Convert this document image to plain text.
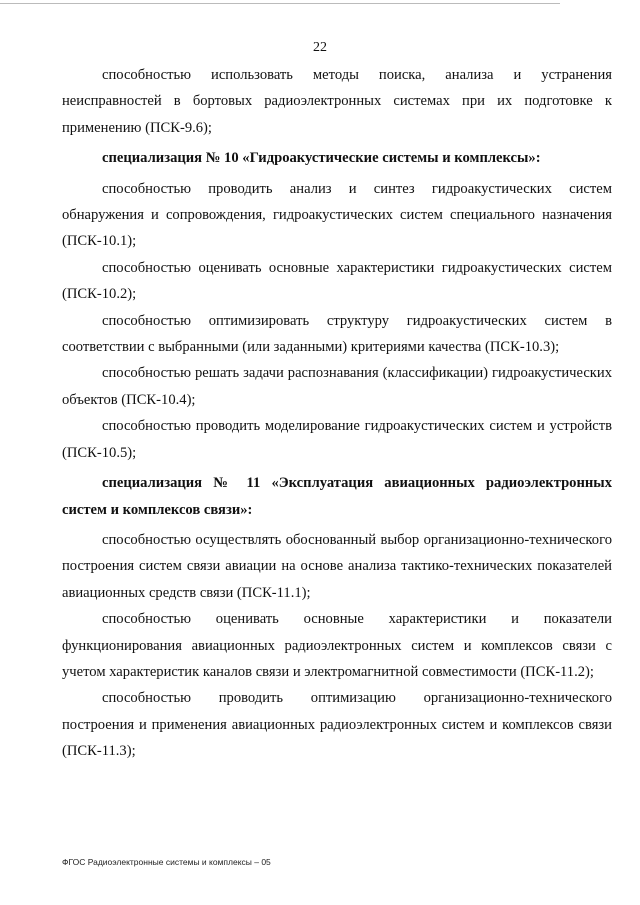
22

способностью использовать методы поиска, анализа и устранения неисправностей в бортовых радиоэлектронных системах при их подготовке к применению (ПСК-9.6);

специализация № 10 «Гидроакустические системы и комплексы»:

способностью проводить анализ и синтез гидроакустических систем обнаружения и сопровождения, гидроакустических систем специального назначения (ПСК-10.1);

способностью оценивать основные характеристики гидроакустических систем (ПСК-10.2);

способностью оптимизировать структуру гидроакустических систем в соответствии с выбранными (или заданными) критериями качества (ПСК-10.3);

способностью решать задачи распознавания (классификации) гидроакустических объектов (ПСК-10.4);

способностью проводить моделирование гидроакустических систем и устройств (ПСК-10.5);

специализация № 11 «Эксплуатация авиационных радиоэлектронных систем и комплексов связи»:

способностью осуществлять обоснованный выбор организационно-технического построения систем связи авиации на основе анализа тактико-технических показателей авиационных средств связи (ПСК-11.1);

способностью оценивать основные характеристики и показатели функционирования авиационных радиоэлектронных систем и комплексов связи с учетом характеристик каналов связи и электромагнитной совместимости (ПСК-11.2);

способностью проводить оптимизацию организационно-технического построения и применения авиационных радиоэлектронных систем и комплексов связи (ПСК-11.3);

ФГОС Радиоэлектронные системы и комплексы – 05
